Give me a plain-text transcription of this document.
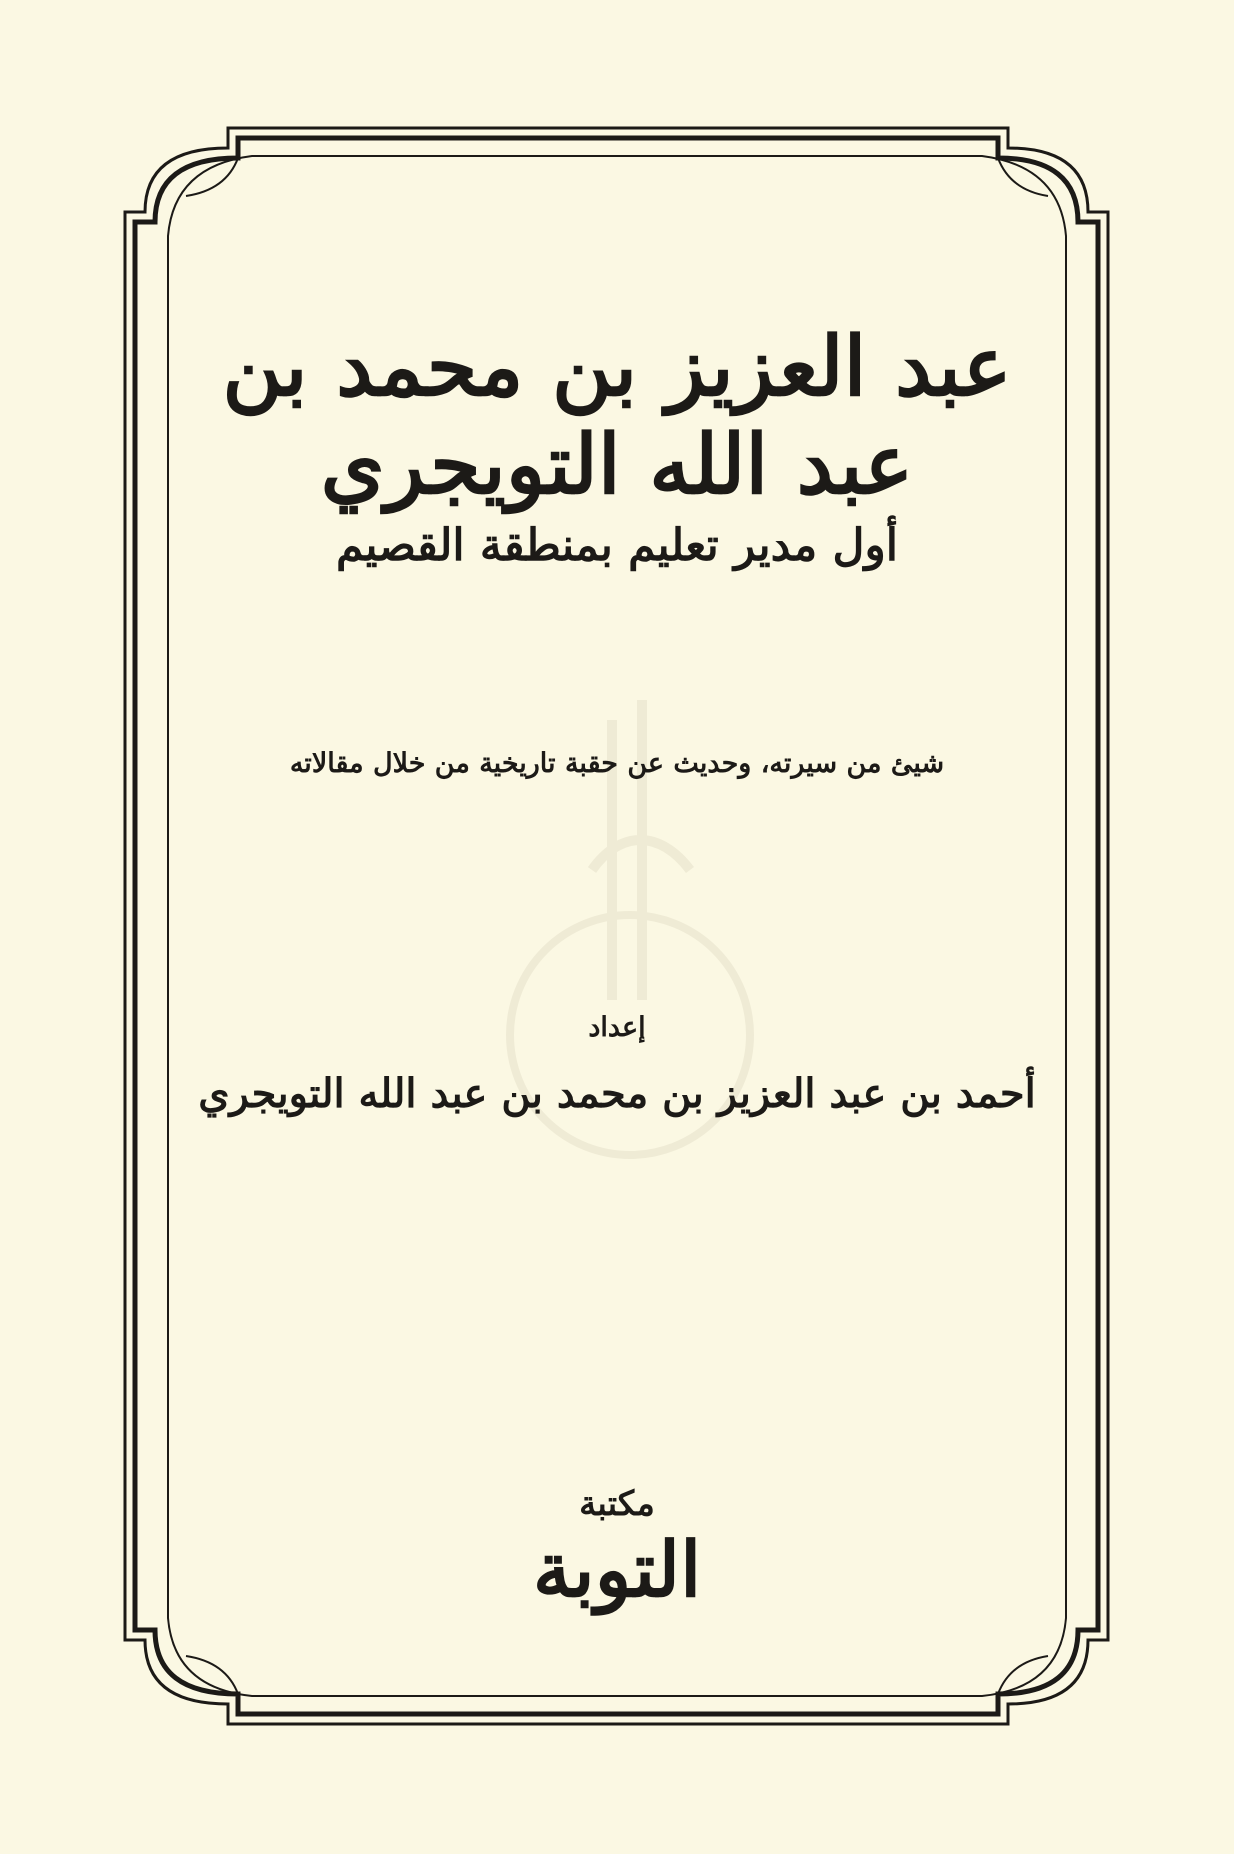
عبد العزيز بن محمد بن عبد الله التويجري
أول مدير تعليم بمنطقة القصيم
شيئ من سيرته، وحديث عن حقبة تاريخية من خلال مقالاته
إعداد
أحمد بن عبد العزيز بن محمد بن عبد الله التويجري
مكتبة
التوبة
